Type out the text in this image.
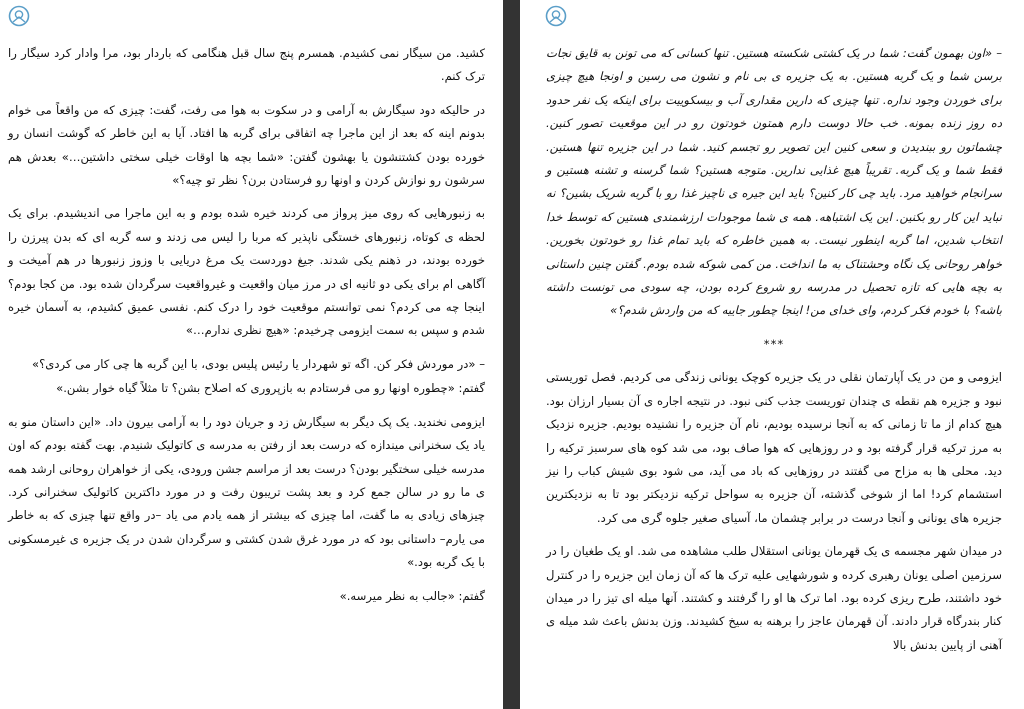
کشید. من سیگار نمی کشیدم. همسرم پنج سال قبل هنگامی که باردار بود، مرا وادار کرد سیگار را ترک کنم.

در حالیکه دود سیگارش به آرامی و در سکوت به هوا می رفت، گفت: چیزی که من واقعاً می خوام بدونم اینه که بعد از این ماجرا چه اتفاقی برای گربه ها افتاد. آیا به این خاطر که گوشت انسان رو خورده بودن کشتنشون یا بهشون گفتن: «شما بچه ها اوقات خیلی سختی داشتین…» بعدش هم سرشون رو نوازش کردن و اونها رو فرستادن برن؟ نظر تو چیه؟»

به زنبورهایی که روی میز پرواز می کردند خیره شده بودم و به این ماجرا می اندیشیدم. برای یک لحظه ی کوتاه، زنبورهای خستگی ناپذیر که مربا را لیس می زدند و سه گربه ای که بدن پیرزن را خورده بودند، در ذهنم یکی شدند. جیغ دوردست یک مرغ دریایی با وزوز زنبورها در هم آمیخت و آگاهی ام برای یکی دو ثانیه ای در مرز میان واقعیت و غیرواقعیت سرگردان شده بود. من کجا بودم؟ اینجا چه می کردم؟ نمی توانستم موقعیت خود را درک کنم. نفسی عمیق کشیدم، به آسمان خیره شدم و سپس به سمت ایزومی چرخیدم: «هیچ نظری ندارم…»

– «در موردش فکر کن. اگه تو شهردار یا رئیس پلیس بودی، با این گربه ها چی کار می کردی؟»

گفتم: «چطوره اونها رو می فرستادم به بازپروری که اصلاح بشن؟ تا مثلاً گیاه خوار بشن.»

ایزومی نخندید. یک پک دیگر به سیگارش زد و جریان دود را به آرامی بیرون داد. «این داستان منو به یاد یک سخنرانی میندازه که درست بعد از رفتن به مدرسه ی کاتولیک شنیدم. بهت گفته بودم که اون مدرسه خیلی سختگیر بودن؟ درست بعد از مراسم جشن ورودی، یکی از خواهران روحانی ارشد همه ی ما رو در سالن جمع کرد و بعد پشت تریبون رفت و در مورد داکترین کاتولیک سخنرانی کرد. چیزهای زیادی به ما گفت، اما چیزی که بیشتر از همه یادم می یاد –در واقع تنها چیزی که به خاطر می یارم– داستانی بود که در مورد غرق شدن کشتی و سرگردان شدن در یک جزیره ی غیرمسکونی با یک گربه بود.»

گفتم: «جالب به نظر میرسه.»

– «اون بهمون گفت: شما در یک کشتی شکسته هستین. تنها کسانی که می تونن به قایق نجات برسن شما و یک گربه هستین. به یک جزیره ی بی نام و نشون می رسین و اونجا هیچ چیزی برای خوردن وجود نداره. تنها چیزی که دارین مقداری آب و بیسکوییت برای اینکه یک نفر حدود ده روز زنده بمونه. خب حالا دوست دارم همتون خودتون رو در این موقعیت تصور کنین. چشماتون رو ببندیدن و سعی کنین این تصویر رو تجسم کنید. شما در این جزیره تنها هستین. فقط شما و یک گربه. تقریباً هیچ غذایی ندارین. متوجه هستین؟ شما گرسنه و تشنه هستین و سرانجام خواهید مرد. باید چی کار کنین؟ باید این جیره ی ناچیز غذا رو با گربه شریک بشین؟ نه نباید این کار رو بکنین. این یک اشتباهه. همه ی شما موجودات ارزشمندی هستین که توسط خدا انتخاب شدین، اما گربه اینطور نیست. به همین خاطره که باید تمام غذا رو خودتون بخورین. خواهر روحانی یک نگاه وحشتناک به ما انداخت. من کمی شوکه شده بودم. گفتن چنین داستانی به بچه هایی که تازه تحصیل در مدرسه رو شروع کرده بودن، چه سودی می تونست داشته باشه؟ با خودم فکر کردم، وای خدای من! اینجا چطور جاییه که من واردش شدم؟»

***

ایزومی و من در یک آپارتمان نقلی در یک جزیره کوچک یونانی زندگی می کردیم. فصل توریستی نبود و جزیره هم نقطه ی چندان توریست جذب کنی نبود. در نتیجه اجاره ی آن بسیار ارزان بود. هیچ کدام از ما تا زمانی که به آنجا نرسیده بودیم، نام آن جزیره را نشنیده بودیم. جزیره نزدیک به مرز ترکیه قرار گرفته بود و در روزهایی که هوا صاف بود، می شد کوه های سرسبز ترکیه را دید. محلی ها به مزاح می گفتند در روزهایی که باد می آید، می شود بوی شیش کباب را نیز استشمام کرد! اما از شوخی گذشته، آن جزیره به سواحل ترکیه نزدیکتر بود تا به نزدیکترین جزیره های یونانی و آنجا درست در برابر چشمان ما، آسیای صغیر جلوه گری می کرد.

در میدان شهر مجسمه ی یک قهرمان یونانی استقلال طلب مشاهده می شد. او یک طغیان را در سرزمین اصلی یونان رهبری کرده و شورشهایی علیه ترک ها که آن زمان این جزیره را در کنترل خود داشتند، طرح ریزی کرده بود. اما ترک ها او را گرفتند و کشتند. آنها میله ای تیز را در میدان کنار بندرگاه قرار دادند. آن قهرمان عاجز را برهنه به سیخ کشیدند. وزن بدنش باعث شد میله ی آهنی از پایین بدنش بالا
